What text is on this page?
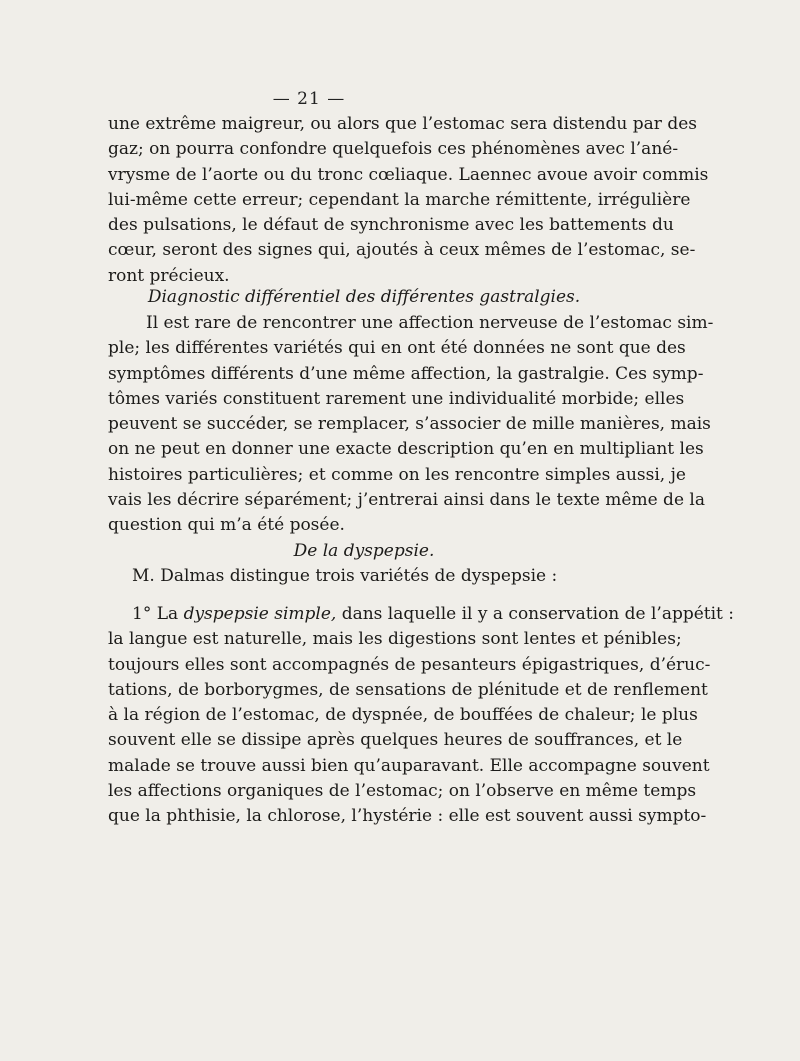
— 21 —
une extrême maigreur, ou alors que l’estomac sera distendu par des
gaz; on pourra confondre quelquefois ces phénomènes avec l’ané-
vrysme de l’aorte ou du tronc cœliaque. Laennec avoue avoir commis
lui-même cette erreur; cependant la marche rémittente, irrégulière
des pulsations, le défaut de synchronisme avec les battements du
cœur, seront des signes qui, ajoutés à ceux mêmes de l’estomac, se-
ront précieux.
Diagnostic différentiel des différentes gastralgies.
Il est rare de rencontrer une affection nerveuse de l’estomac sim-
ple; les différentes variétés qui en ont été données ne sont que des
symptômes différents d’une même affection, la gastralgie. Ces symp-
tômes variés constituent rarement une individualité morbide; elles
peuvent se succéder, se remplacer, s’associer de mille manières, mais
on ne peut en donner une exacte description qu’en en multipliant les
histoires particulières; et comme on les rencontre simples aussi, je
vais les décrire séparément; j’entrerai ainsi dans le texte même de la
question qui m’a été posée.
De la dyspepsie.
M. Dalmas distingue trois variétés de dyspepsie :
1° La dyspepsie simple, dans laquelle il y a conservation de l’appétit :
la langue est naturelle, mais les digestions sont lentes et pénibles;
toujours elles sont accompagnés de pesanteurs épigastriques, d’éruc-
tations, de borborygmes, de sensations de plénitude et de renflement
à la région de l’estomac, de dyspnée, de bouffées de chaleur; le plus
souvent elle se dissipe après quelques heures de souffrances, et le
malade se trouve aussi bien qu’auparavant. Elle accompagne souvent
les affections organiques de l’estomac; on l’observe en même temps
que la phthisie, la chlorose, l’hystérie : elle est souvent aussi sympto-
